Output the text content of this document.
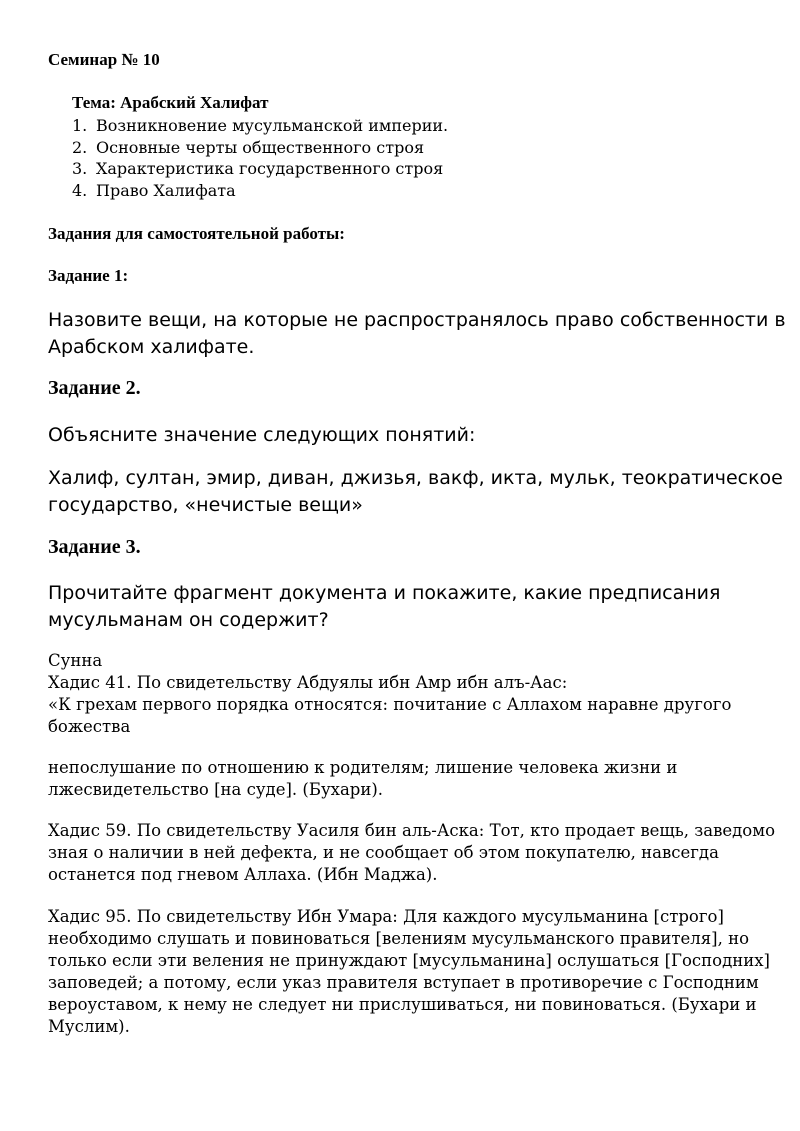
Семинар № 10
Тема: Арабский Халифат
1. Возникновение мусульманской империи.
2. Основные черты общественного строя
3. Характеристика государственного строя
4. Право Халифата
Задания для самостоятельной работы:
Задание 1:
Назовите вещи, на которые не распространялось право собственности в
Арабском халифате.
Задание 2.
Объясните значение следующих понятий:
Халиф, султан, эмир, диван, джизья, вакф, икта, мульк, теократическое
государство, «нечистые вещи»
Задание 3.
Прочитайте фрагмент документа и покажите, какие предписания
мусульманам он содержит?
Сунна
Хадис 41. По свидетельству Абдуялы ибн Амр ибн алъ-Аас:
«К грехам первого порядка относятся: почитание с Аллахом наравне другого
божества
непослушание по отношению к родителям; лишение человека жизни и
лжесвидетельство [на суде]. (Бухари).
Хадис 59. По свидетельству Уасиля бин аль-Аска: Тот, кто продает вещь, заведомо
зная о наличии в ней дефекта, и не сообщает об этом покупателю, навсегда
останется под гневом Аллаха. (Ибн Маджа).
Хадис 95. По свидетельству Ибн Умара: Для каждого мусульманина [строго]
необходимо слушать и повиноваться [велениям мусульманского правителя], но
только если эти веления не принуждают [мусульманина] ослушаться [Господних]
заповедей; а потому, если указ правителя вступает в противоречие с Господним
вероуставом, к нему не следует ни прислушиваться, ни повиноваться. (Бухари и
Муслим).
